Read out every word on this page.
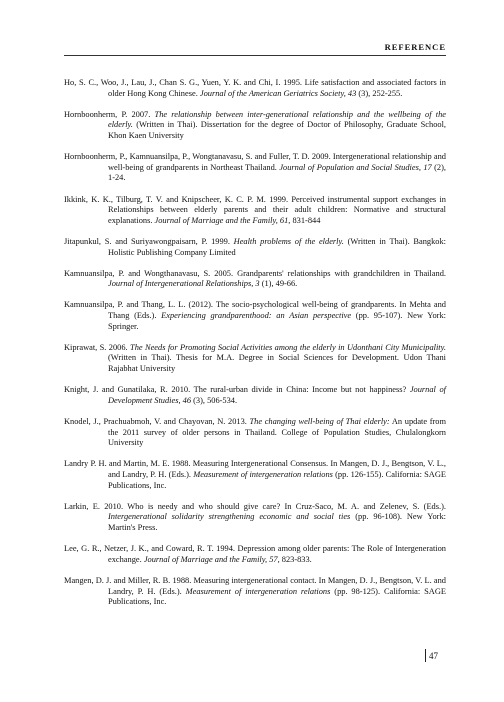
REFERENCE

Ho, S. C., Woo, J., Lau, J., Chan S. G., Yuen, Y. K. and Chi, I. 1995. Life satisfaction and associated factors in older Hong Kong Chinese. Journal of the American Geriatrics Society, 43 (3), 252-255.

Hornboonherm, P. 2007. The relationship between inter-generational relationship and the wellbeing of the elderly. (Written in Thai). Dissertation for the degree of Doctor of Philosophy, Graduate School, Khon Kaen University

Hornboonherm, P., Kamnuansilpa, P., Wongtanavasu, S. and Fuller, T. D. 2009. Intergenerational relationship and well-being of grandparents in Northeast Thailand. Journal of Population and Social Studies, 17 (2), 1-24.

Ikkink, K. K., Tilburg, T. V. and Knipscheer, K. C. P. M. 1999. Perceived instrumental support exchanges in Relationships between elderly parents and their adult children: Normative and structural explanations. Journal of Marriage and the Family, 61, 831-844

Jitapunkul, S. and Suriyawongpaisarn, P. 1999. Health problems of the elderly. (Written in Thai). Bangkok: Holistic Publishing Company Limited

Kamnuansilpa, P. and Wongthanavasu, S. 2005. Grandparents' relationships with grandchildren in Thailand. Journal of Intergenerational Relationships, 3 (1), 49-66.

Kamnuansilpa, P. and Thang, L. L. (2012). The socio-psychological well-being of grandparents. In Mehta and Thang (Eds.). Experiencing grandparenthood: an Asian perspective (pp. 95-107). New York: Springer.

Kiprawat, S. 2006. The Needs for Promoting Social Activities among the elderly in Udonthani City Municipality. (Written in Thai). Thesis for M.A. Degree in Social Sciences for Development. Udon Thani Rajabhat University

Knight, J. and Gunatilaka, R. 2010. The rural-urban divide in China: Income but not happiness? Journal of Development Studies, 46 (3), 506-534.

Knodel, J., Prachuabmoh, V. and Chayovan, N. 2013. The changing well-being of Thai elderly: An update from the 2011 survey of older persons in Thailand. College of Population Studies, Chulalongkorn University

Landry P. H. and Martin, M. E. 1988. Measuring Intergenerational Consensus. In Mangen, D. J., Bengtson, V. L., and Landry, P. H. (Eds.). Measurement of intergeneration relations (pp. 126-155). California: SAGE Publications, Inc.

Larkin, E. 2010. Who is needy and who should give care? In Cruz-Saco, M. A. and Zelenev, S. (Eds.). Intergenerational solidarity strengthening economic and social ties (pp. 96-108). New York: Martin's Press.

Lee, G. R., Netzer, J. K., and Coward, R. T. 1994. Depression among older parents: The Role of Intergeneration exchange. Journal of Marriage and the Family, 57, 823-833.

Mangen, D. J. and Miller, R. B. 1988. Measuring intergenerational contact. In Mangen, D. J., Bengtson, V. L. and Landry, P. H. (Eds.). Measurement of intergeneration relations (pp. 98-125). California: SAGE Publications, Inc.

47
